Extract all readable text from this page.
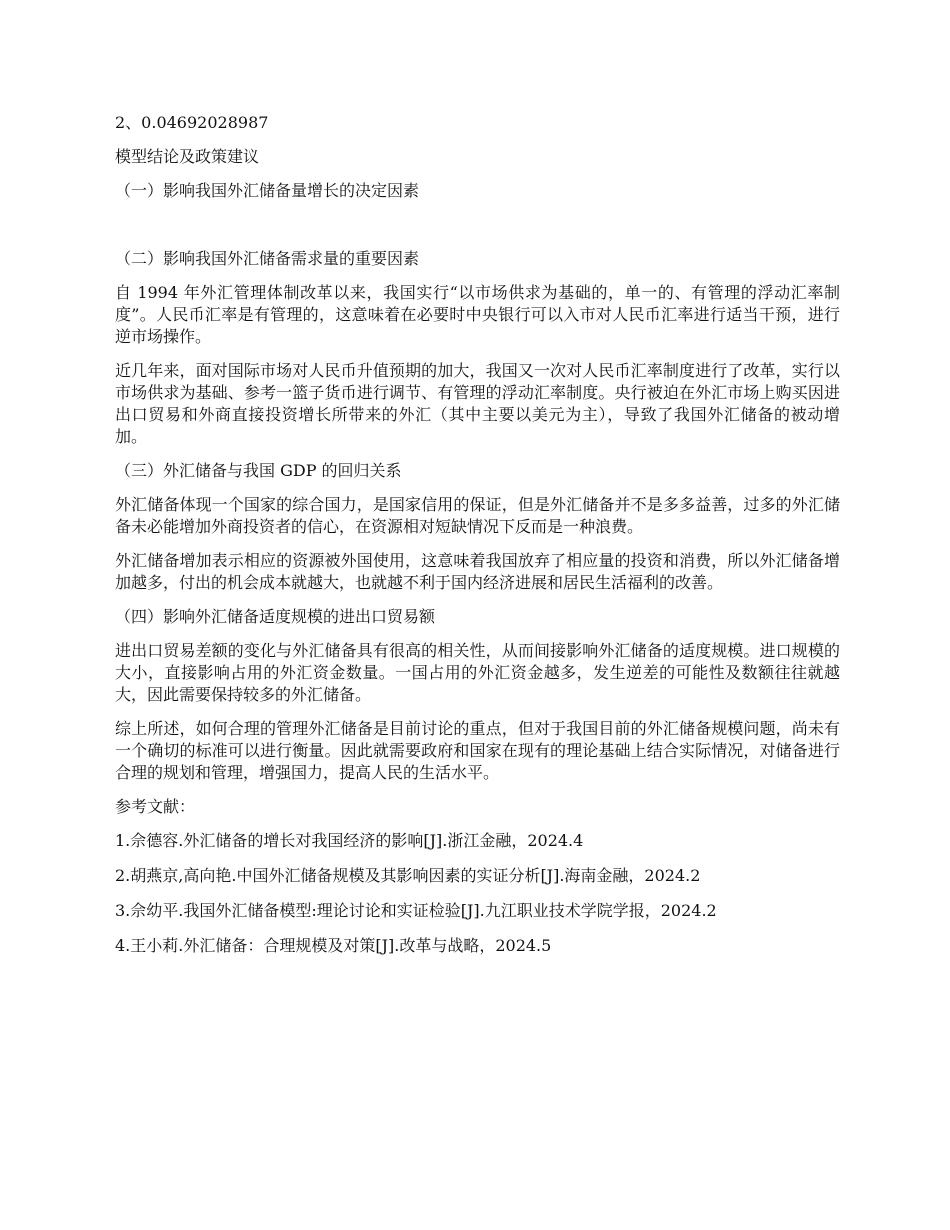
2、0.04692028987

模型结论及政策建议

（一）影响我国外汇储备量增长的决定因素

（二）影响我国外汇储备需求量的重要因素

自 1994 年外汇管理体制改革以来，我国实行“以市场供求为基础的，单一的、有管理的浮动汇率制度”。人民币汇率是有管理的，这意味着在必要时中央银行可以入市对人民币汇率进行适当干预，进行逆市场操作。

近几年来，面对国际市场对人民币升值预期的加大，我国又一次对人民币汇率制度进行了改革，实行以市场供求为基础、参考一篮子货币进行调节、有管理的浮动汇率制度。央行被迫在外汇市场上购买因进出口贸易和外商直接投资增长所带来的外汇（其中主要以美元为主），导致了我国外汇储备的被动增加。

（三）外汇储备与我国 GDP 的回归关系

外汇储备体现一个国家的综合国力，是国家信用的保证，但是外汇储备并不是多多益善，过多的外汇储备未必能增加外商投资者的信心，在资源相对短缺情况下反而是一种浪费。

外汇储备增加表示相应的资源被外国使用，这意味着我国放弃了相应量的投资和消费，所以外汇储备增加越多，付出的机会成本就越大，也就越不利于国内经济进展和居民生活福利的改善。

（四）影响外汇储备适度规模的进出口贸易额

进出口贸易差额的变化与外汇储备具有很高的相关性，从而间接影响外汇储备的适度规模。进口规模的大小，直接影响占用的外汇资金数量。一国占用的外汇资金越多，发生逆差的可能性及数额往往就越大，因此需要保持较多的外汇储备。

综上所述，如何合理的管理外汇储备是目前讨论的重点，但对于我国目前的外汇储备规模问题，尚未有一个确切的标准可以进行衡量。因此就需要政府和国家在现有的理论基础上结合实际情况，对储备进行合理的规划和管理，增强国力，提高人民的生活水平。

参考文献：

1.佘德容.外汇储备的增长对我国经济的影响[J].浙江金融，2024.4

2.胡燕京,高向艳.中国外汇储备规模及其影响因素的实证分析[J].海南金融，2024.2

3.佘幼平.我国外汇储备模型:理论讨论和实证检验[J].九江职业技术学院学报，2024.2

4.王小莉.外汇储备：合理规模及对策[J].改革与战略，2024.5
